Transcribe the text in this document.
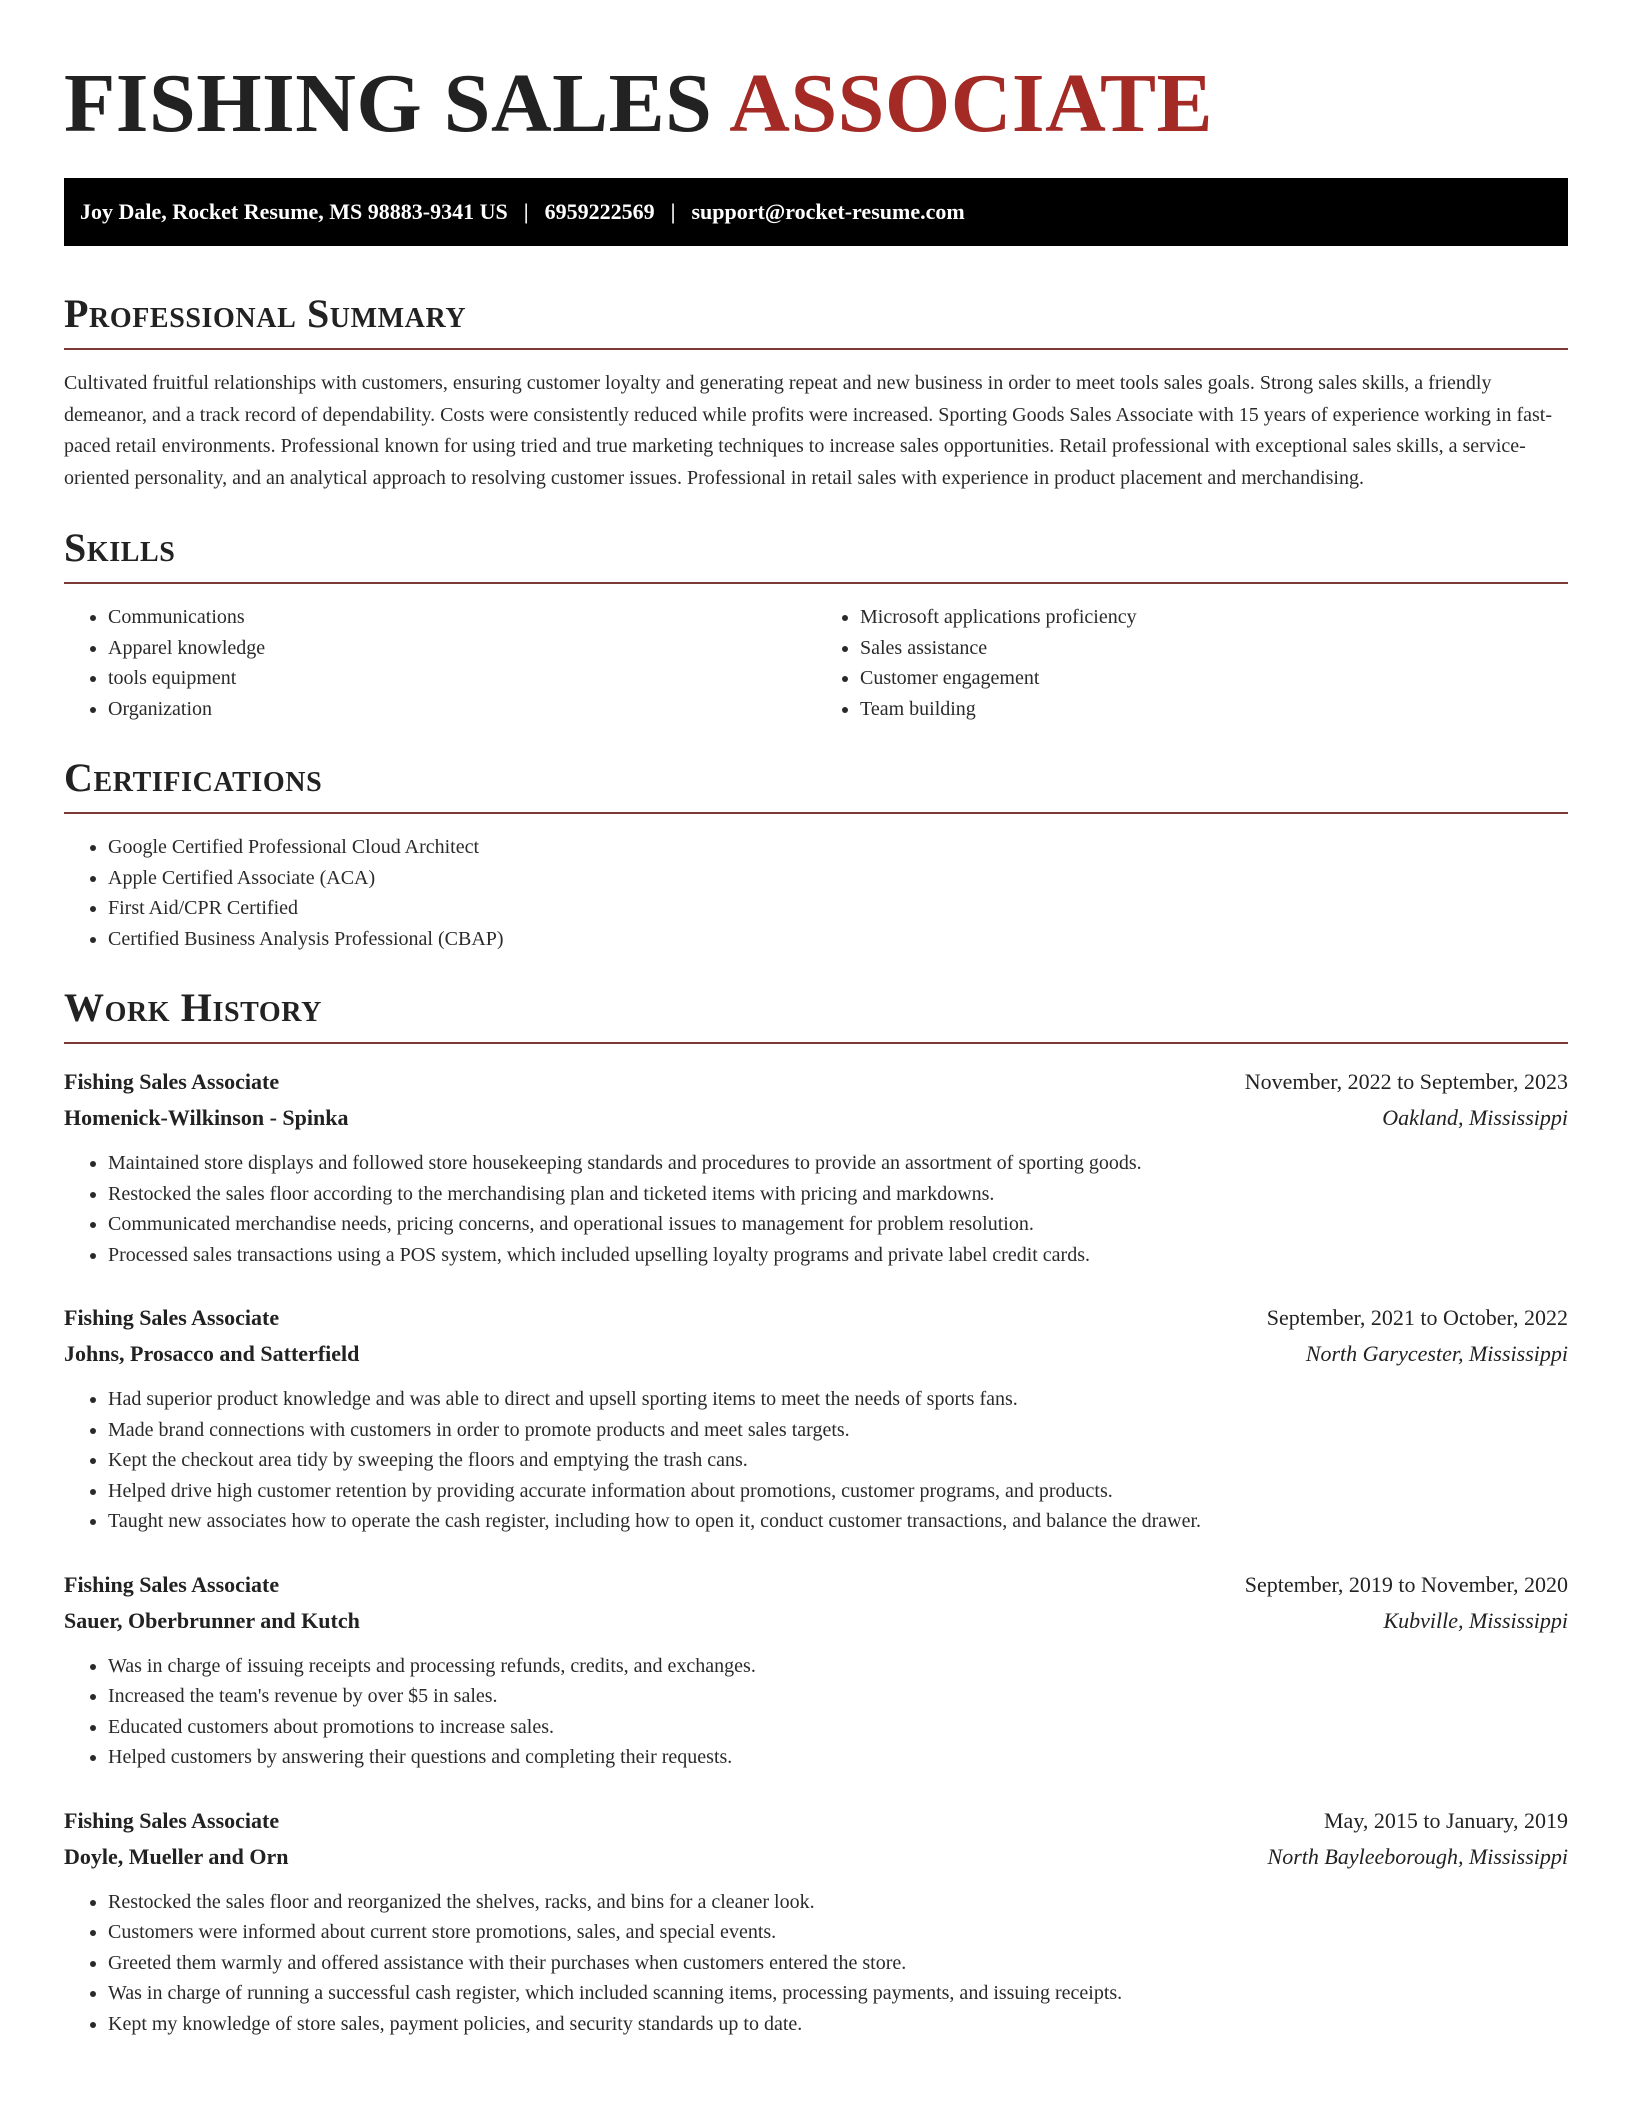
FISHING SALES ASSOCIATE
Joy Dale, Rocket Resume, MS 98883-9341 US | 6959222569 | support@rocket-resume.com
Professional Summary

Cultivated fruitful relationships with customers, ensuring customer loyalty and generating repeat and new business in order to meet tools sales goals. Strong sales skills, a friendly demeanor, and a track record of dependability. Costs were consistently reduced while profits were increased. Sporting Goods Sales Associate with 15 years of experience working in fast-paced retail environments. Professional known for using tried and true marketing techniques to increase sales opportunities. Retail professional with exceptional sales skills, a service-oriented personality, and an analytical approach to resolving customer issues. Professional in retail sales with experience in product placement and merchandising.

Skills
• Communications
• Apparel knowledge
• tools equipment
• Organization
• Microsoft applications proficiency
• Sales assistance
• Customer engagement
• Team building
Certifications
• Google Certified Professional Cloud Architect
• Apple Certified Associate (ACA)
• First Aid/CPR Certified
• Certified Business Analysis Professional (CBAP)
Work History
Fishing Sales Associate	November, 2022 to September, 2023
Homenick-Wilkinson - Spinka	Oakland, Mississippi
• Maintained store displays and followed store housekeeping standards and procedures to provide an assortment of sporting goods.
• Restocked the sales floor according to the merchandising plan and ticketed items with pricing and markdowns.
• Communicated merchandise needs, pricing concerns, and operational issues to management for problem resolution.
• Processed sales transactions using a POS system, which included upselling loyalty programs and private label credit cards.
Fishing Sales Associate	September, 2021 to October, 2022
Johns, Prosacco and Satterfield	North Garycester, Mississippi
• Had superior product knowledge and was able to direct and upsell sporting items to meet the needs of sports fans.
• Made brand connections with customers in order to promote products and meet sales targets.
• Kept the checkout area tidy by sweeping the floors and emptying the trash cans.
• Helped drive high customer retention by providing accurate information about promotions, customer programs, and products.
• Taught new associates how to operate the cash register, including how to open it, conduct customer transactions, and balance the drawer.
Fishing Sales Associate	September, 2019 to November, 2020
Sauer, Oberbrunner and Kutch	Kubville, Mississippi
• Was in charge of issuing receipts and processing refunds, credits, and exchanges.
• Increased the team's revenue by over $5 in sales.
• Educated customers about promotions to increase sales.
• Helped customers by answering their questions and completing their requests.
Fishing Sales Associate	May, 2015 to January, 2019
Doyle, Mueller and Orn	North Bayleeborough, Mississippi
• Restocked the sales floor and reorganized the shelves, racks, and bins for a cleaner look.
• Customers were informed about current store promotions, sales, and special events.
• Greeted them warmly and offered assistance with their purchases when customers entered the store.
• Was in charge of running a successful cash register, which included scanning items, processing payments, and issuing receipts.
• Kept my knowledge of store sales, payment policies, and security standards up to date.
